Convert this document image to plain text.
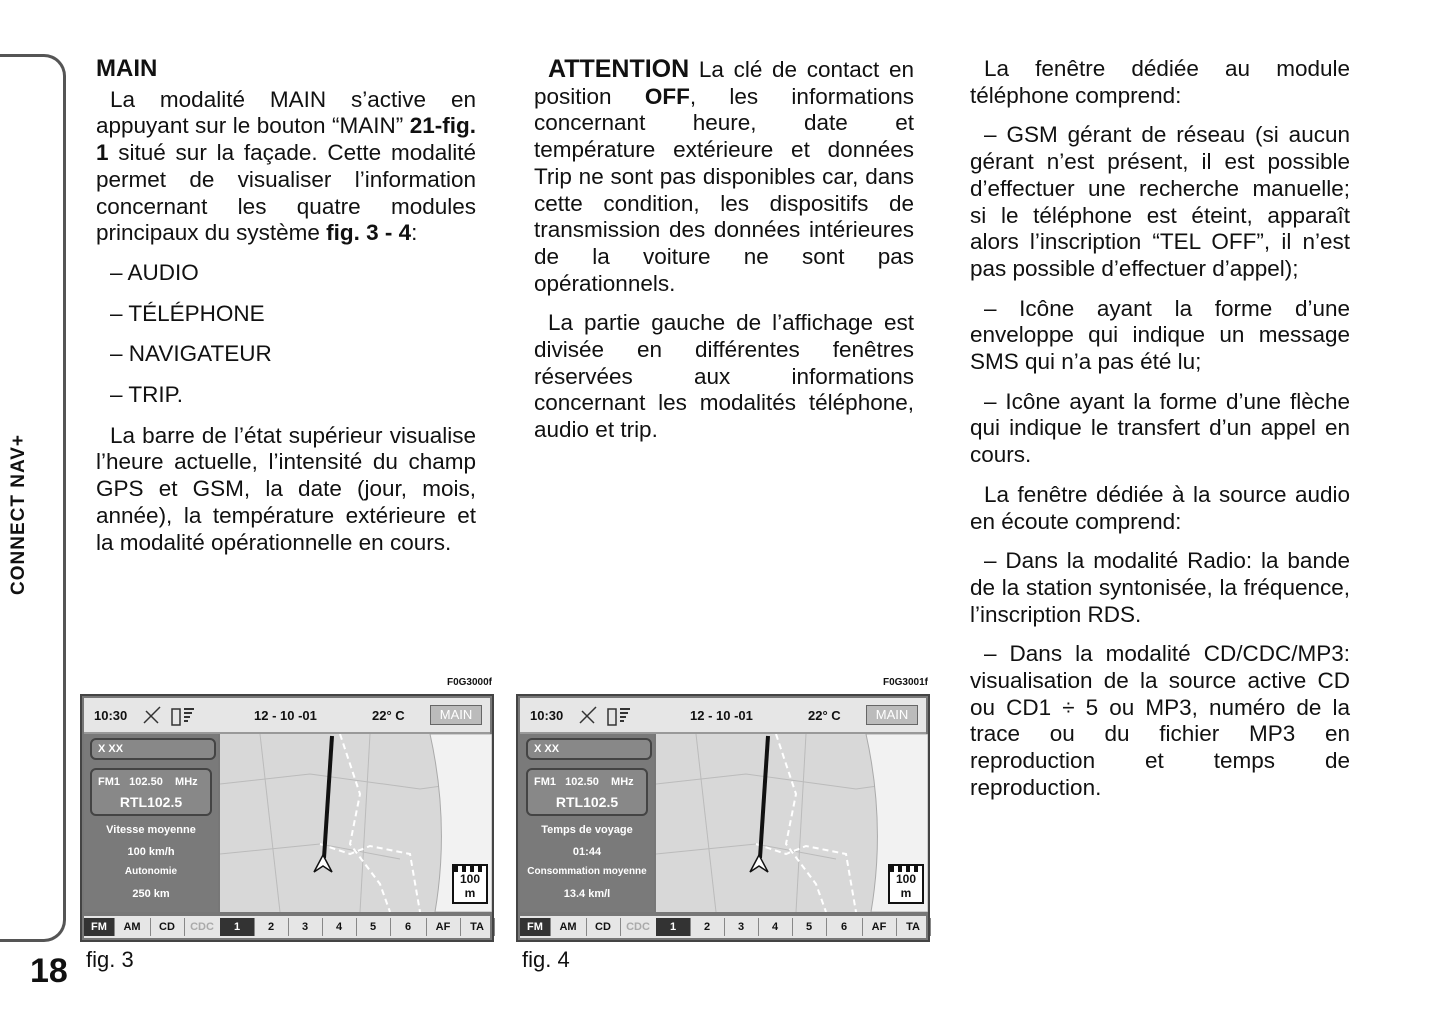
18
MAIN

La modalité MAIN s’active en appuyant sur le bouton “MAIN” 21-fig. 1 situé sur la façade. Cette modalité permet de visualiser l’information concernant les quatre modules principaux du système fig. 3 - 4:

– AUDIO

– TÉLÉPHONE

– NAVIGATEUR

– TRIP.

La barre de l’état supérieur visualise l’heure actuelle, l’intensité du champ GPS et GSM, la date (jour, mois, année), la température extérieure et la modalité opérationnelle en cours.

ATTENTION La clé de contact en position OFF, les informations concernant heure, date et température extérieure et données Trip ne sont pas disponibles car, dans cette condition, les dispositifs de transmission des données intérieures de la voiture ne sont pas opérationnels.

La partie gauche de l’affichage est divisée en différentes fenêtres réservées aux informations concernant les modalités téléphone, audio et trip.

La fenêtre dédiée au module téléphone comprend:

– GSM gérant de réseau (si aucun gérant n’est présent, il est possible d’effectuer une recherche manuelle; si le téléphone est éteint, apparaît alors l’inscription “TEL OFF”, il n’est pas possible d’effectuer d’appel);

– Icône ayant la forme d’une enveloppe qui indique un message SMS qui n’a pas été lu;

– Icône ayant la forme d’une flèche qui indique le transfert d’un appel en cours.

La fenêtre dédiée à la source audio en écoute comprend:

– Dans la modalité Radio: la bande de la station syntonisée, la fréquence, l’inscription RDS.

– Dans la modalité CD/CDC/MP3: visualisation de la source active CD ou CD1 ÷ 5 ou MP3, numéro de la trace ou du fichier MP3 en reproduction et temps de reproduction.

F0G3000f
10:30	12 - 10 -01	22° C	MAIN
X XX
FM1   102.50    MHz
RTL102.5
Vitesse moyenne
100 km/h
Autonomie
250 km
100
m
FM	AM	CD	CDC	1	2	3	4	5	6	AF	TA
fig. 3
F0G3001f
10:30	12 - 10 -01	22° C	MAIN
X XX
FM1   102.50    MHz
RTL102.5
Temps de voyage
01:44
Consommation moyenne
13.4 km/l
100
m
FM	AM	CD	CDC	1	2	3	4	5	6	AF	TA
fig. 4
